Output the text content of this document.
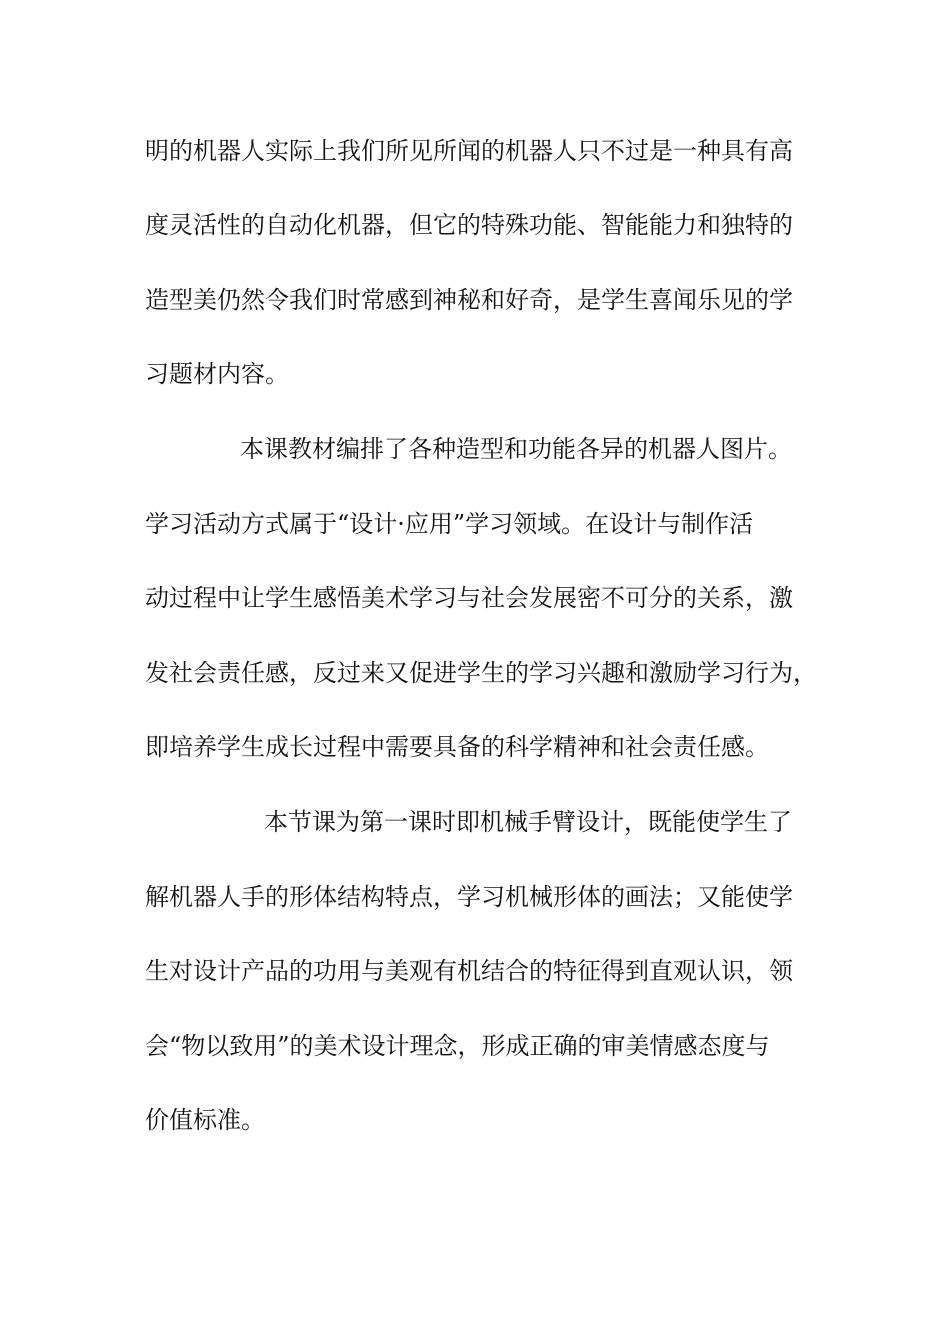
明的机器人实际上我们所见所闻的机器人只不过是一种具有高

度灵活性的自动化机器，但它的特殊功能、智能能力和独特的

造型美仍然令我们时常感到神秘和好奇，是学生喜闻乐见的学

习题材内容。

本课教材编排了各种造型和功能各异的机器人图片。

学习活动方式属于“设计·应用”学习领域。在设计与制作活

动过程中让学生感悟美术学习与社会发展密不可分的关系，激

发社会责任感，反过来又促进学生的学习兴趣和激励学习行为，

即培养学生成长过程中需要具备的科学精神和社会责任感。

本节课为第一课时即机械手臂设计，既能使学生了

解机器人手的形体结构特点，学习机械形体的画法；又能使学

生对设计产品的功用与美观有机结合的特征得到直观认识，领

会“物以致用”的美术设计理念，形成正确的审美情感态度与

价值标准。
